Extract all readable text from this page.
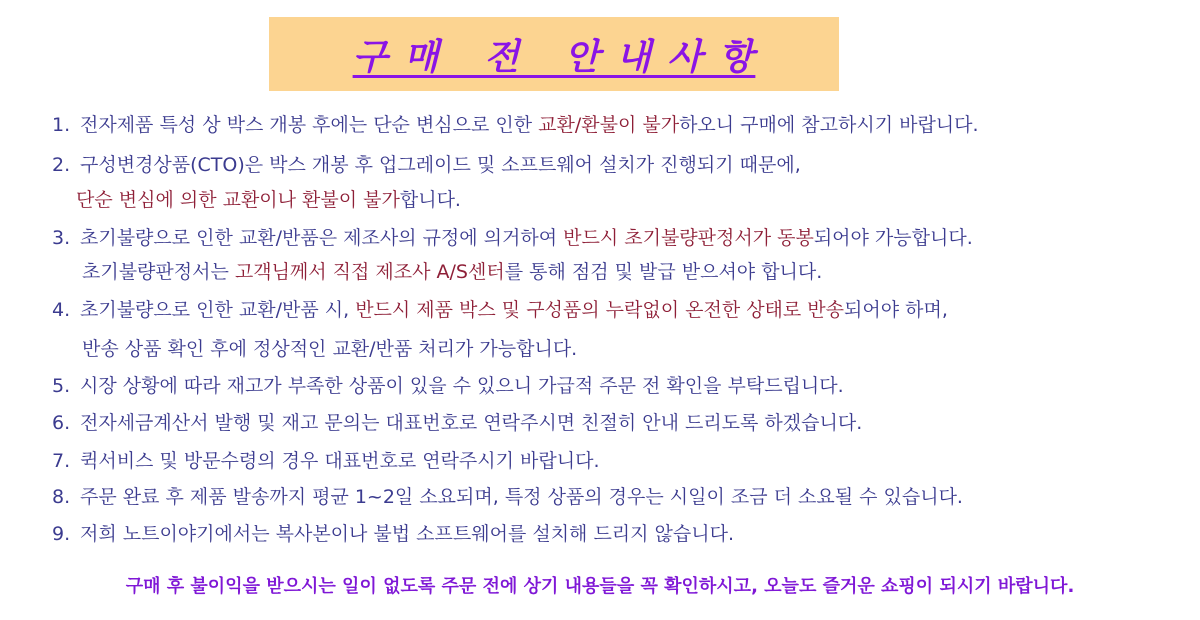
구 매   전   안 내 사 항
1. 전자제품 특성 상 박스 개봉 후에는 단순 변심으로 인한 교환/환불이 불가하오니 구매에 참고하시기 바랍니다.
2. 구성변경상품(CTO)은 박스 개봉 후 업그레이드 및 소프트웨어 설치가 진행되기 때문에,
단순 변심에 의한 교환이나 환불이 불가합니다.
3. 초기불량으로 인한 교환/반품은 제조사의 규정에 의거하여 반드시 초기불량판정서가 동봉되어야 가능합니다.
초기불량판정서는 고객님께서 직접 제조사 A/S센터를 통해 점검 및 발급 받으셔야 합니다.
4. 초기불량으로 인한 교환/반품 시, 반드시 제품 박스 및 구성품의 누락없이 온전한 상태로 반송되어야 하며,
반송 상품 확인 후에 정상적인 교환/반품 처리가 가능합니다.
5. 시장 상황에 따라 재고가 부족한 상품이 있을 수 있으니 가급적 주문 전 확인을 부탁드립니다.
6. 전자세금계산서 발행 및 재고 문의는 대표번호로 연락주시면 친절히 안내 드리도록 하겠습니다.
7. 퀵서비스 및 방문수령의 경우 대표번호로 연락주시기 바랍니다.
8. 주문 완료 후 제품 발송까지 평균 1~2일 소요되며, 특정 상품의 경우는 시일이 조금 더 소요될 수 있습니다.
9. 저희 노트이야기에서는 복사본이나 불법 소프트웨어를 설치해 드리지 않습니다.
구매 후 불이익을 받으시는 일이 없도록 주문 전에 상기 내용들을 꼭 확인하시고, 오늘도 즐거운 쇼핑이 되시기 바랍니다.
